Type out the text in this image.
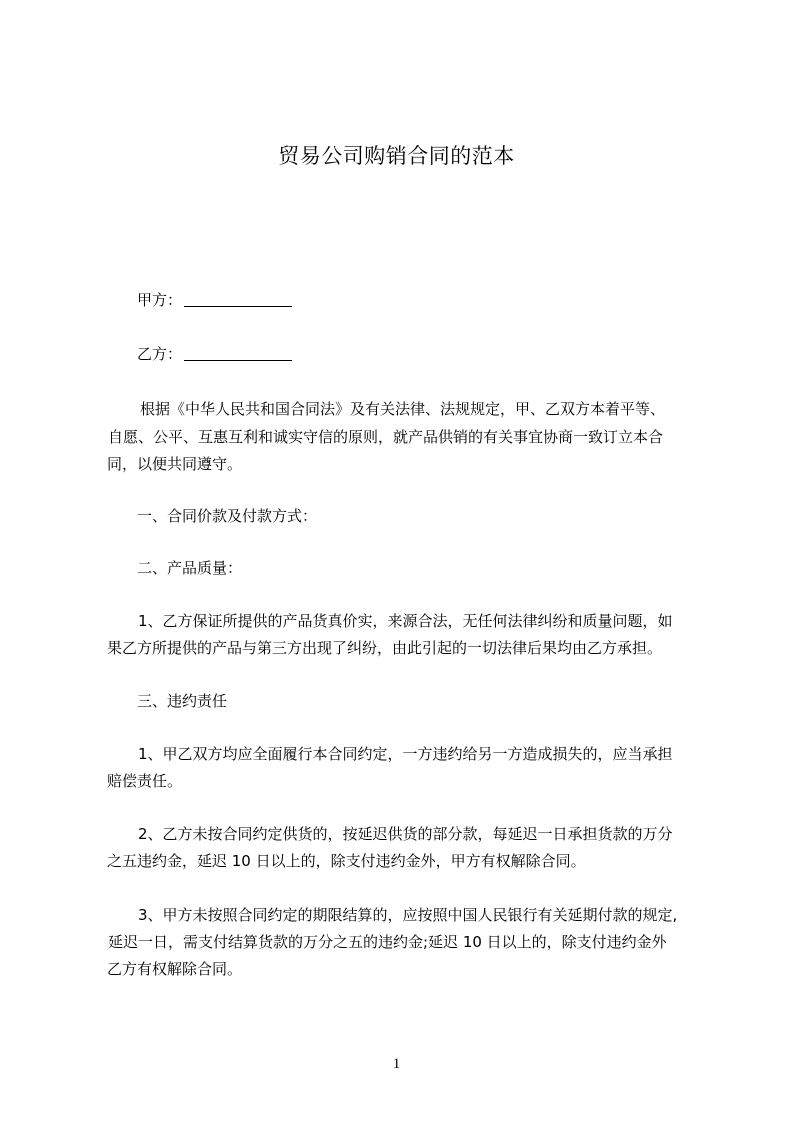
贸易公司购销合同的范本
甲方：
乙方：
根据《中华人民共和国合同法》及有关法律、法规规定，甲、乙双方本着平等、
自愿、公平、互惠互利和诚实守信的原则，就产品供销的有关事宜协商一致订立本合
同，以便共同遵守。
一、合同价款及付款方式：
二、产品质量：
1、乙方保证所提供的产品货真价实，来源合法，无任何法律纠纷和质量问题，如
果乙方所提供的产品与第三方出现了纠纷，由此引起的一切法律后果均由乙方承担。
三、违约责任
1、甲乙双方均应全面履行本合同约定，一方违约给另一方造成损失的，应当承担
赔偿责任。
2、乙方未按合同约定供货的，按延迟供货的部分款，每延迟一日承担货款的万分
之五违约金，延迟 10 日以上的，除支付违约金外，甲方有权解除合同。
3、甲方未按照合同约定的期限结算的，应按照中国人民银行有关延期付款的规定,
延迟一日，需支付结算货款的万分之五的违约金;延迟 10 日以上的，除支付违约金外
乙方有权解除合同。
1
